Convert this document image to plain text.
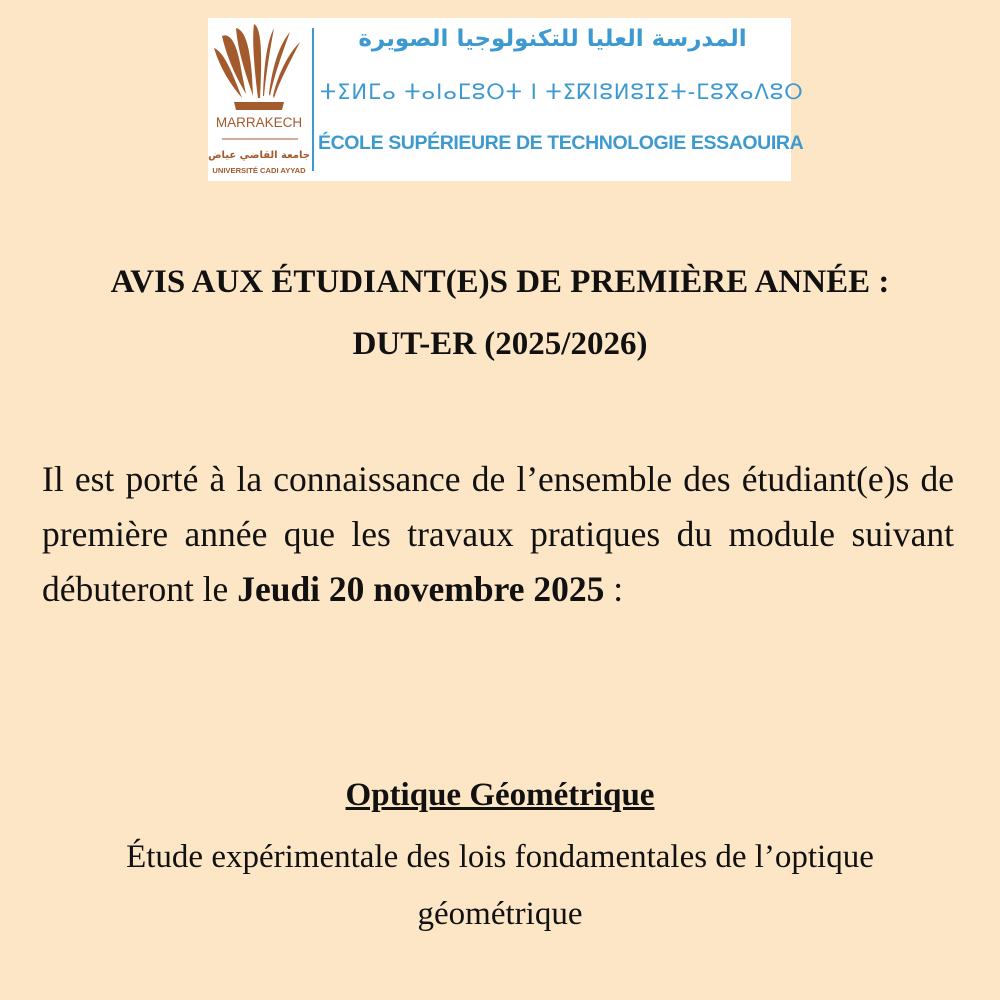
MARRAKECH
جامعة القاضي عياض
UNIVERSITÉ CADI AYYAD
المدرسة العليا للتكنولوجيا الصويرة
ⵜⵉⵍⵎⴰ ⵜⴰⵏⴰⵎⵓⵔⵜ ⵏ ⵜⵉⴽⵏⵓⵍⵓⵊⵉⵜ-ⵎⵓⴳⴰⴷⵓⵔ
ÉCOLE SUPÉRIEURE DE TECHNOLOGIE ESSAOUIRA
AVIS AUX ÉTUDIANT(E)S DE PREMIÈRE ANNÉE :
DUT-ER (2025/2026)

Il est porté à la connaissance de l’ensemble des étudiant(e)s de première année que les travaux pratiques du module suivant débuteront le Jeudi 20 novembre 2025 :

Optique Géométrique

Étude expérimentale des lois fondamentales de l’optique géométrique
